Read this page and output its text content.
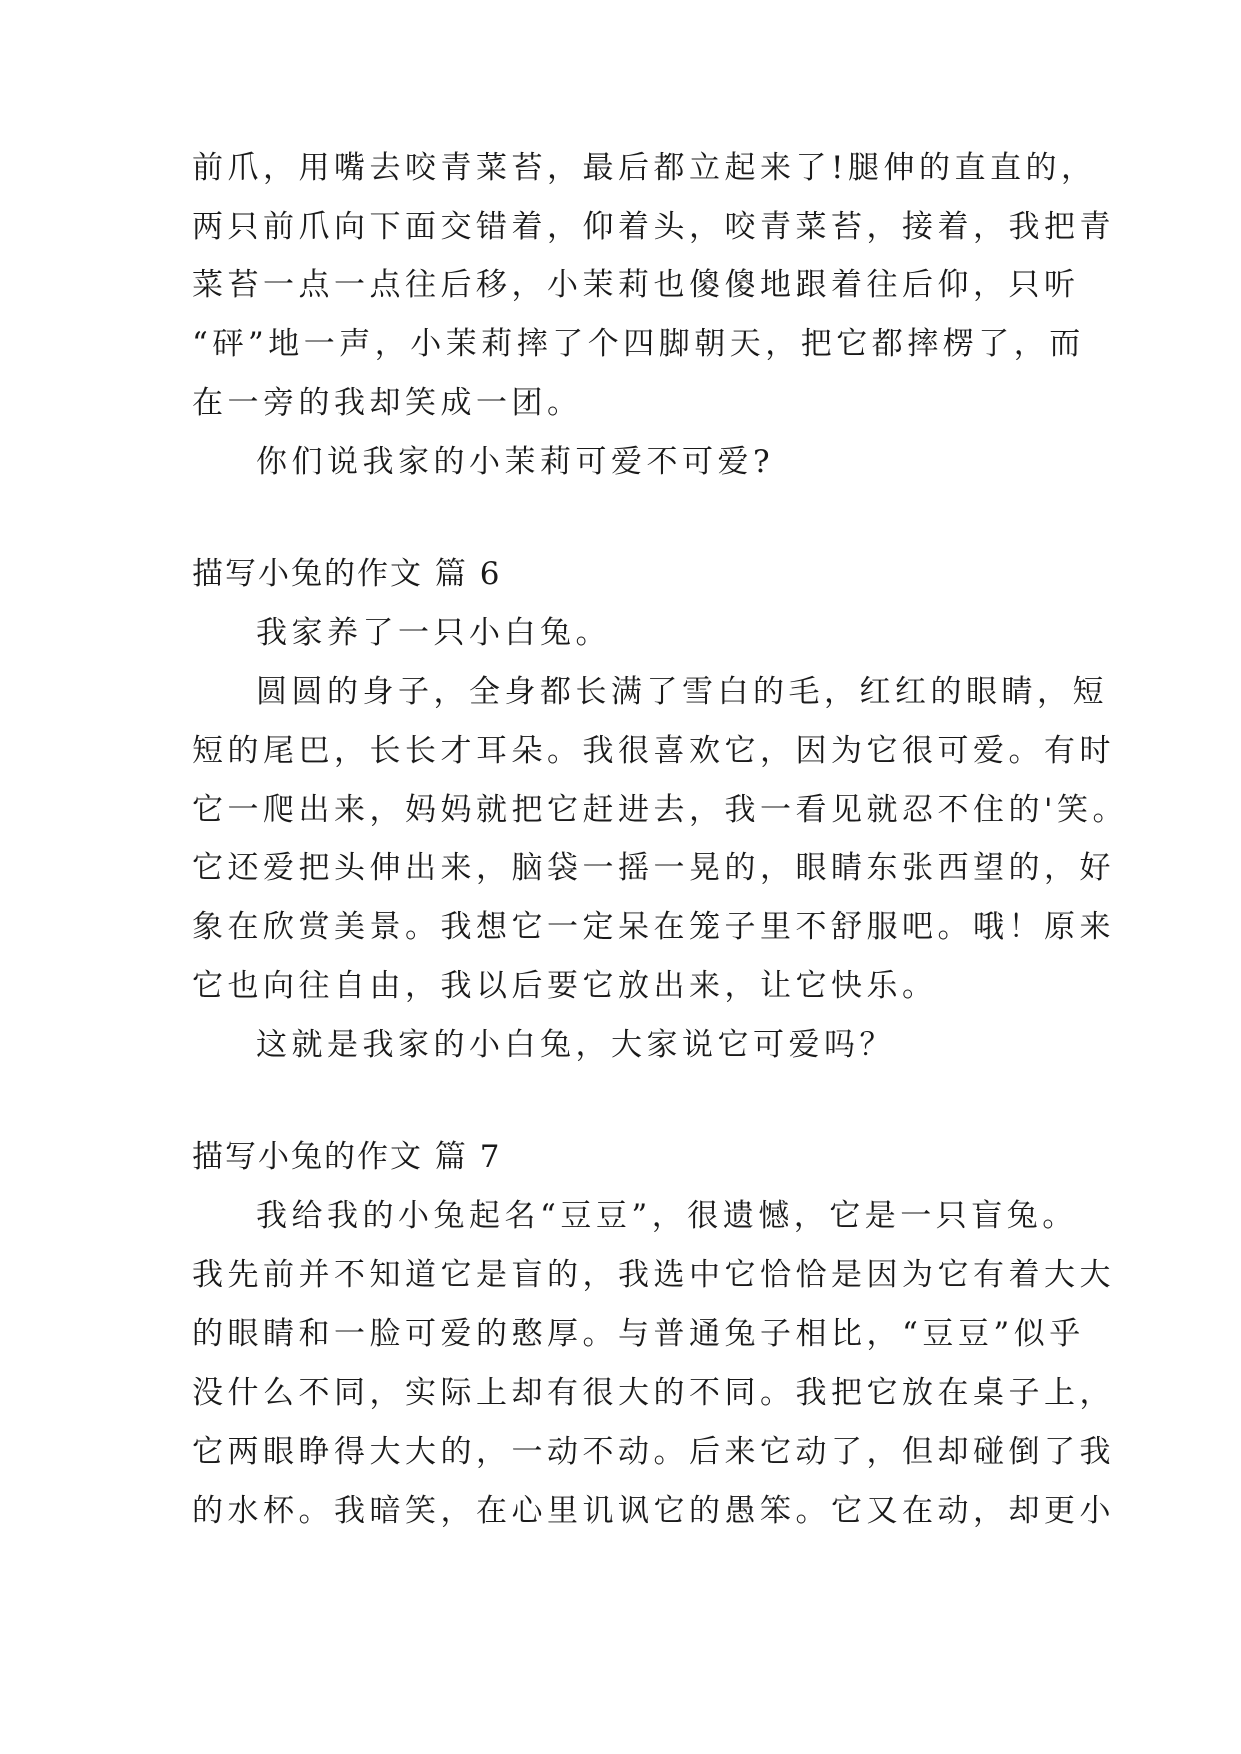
前爪，用嘴去咬青菜苔，最后都立起来了!腿伸的直直的，
两只前爪向下面交错着，仰着头，咬青菜苔，接着，我把青
菜苔一点一点往后移，小茉莉也傻傻地跟着往后仰，只听
“砰”地一声，小茉莉摔了个四脚朝天，把它都摔楞了，而
在一旁的我却笑成一团。
你们说我家的小茉莉可爱不可爱?
描写小兔的作文 篇 6
我家养了一只小白兔。
圆圆的身子，全身都长满了雪白的毛，红红的眼睛，短
短的尾巴，长长才耳朵。我很喜欢它，因为它很可爱。有时
它一爬出来，妈妈就把它赶进去，我一看见就忍不住的'笑。
它还爱把头伸出来，脑袋一摇一晃的，眼睛东张西望的，好
象在欣赏美景。我想它一定呆在笼子里不舒服吧。哦！原来
它也向往自由，我以后要它放出来，让它快乐。
这就是我家的小白兔，大家说它可爱吗？
描写小兔的作文 篇 7
我给我的小兔起名“豆豆”，很遗憾，它是一只盲兔。
我先前并不知道它是盲的，我选中它恰恰是因为它有着大大
的眼睛和一脸可爱的憨厚。与普通兔子相比，“豆豆”似乎
没什么不同，实际上却有很大的不同。我把它放在桌子上，
它两眼睁得大大的，一动不动。后来它动了，但却碰倒了我
的水杯。我暗笑，在心里讥讽它的愚笨。它又在动，却更小
